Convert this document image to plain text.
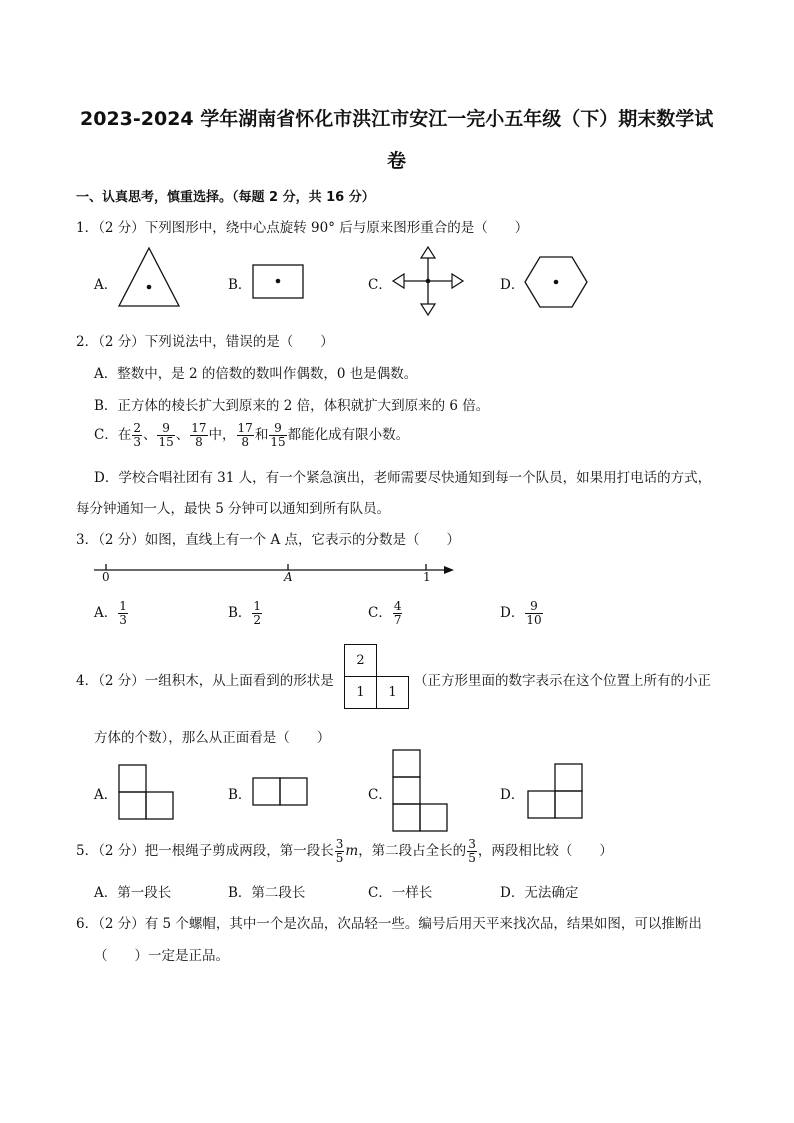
2023-2024 学年湖南省怀化市洪江市安江一完小五年级（下）期末数学试
卷
一、认真思考，慎重选择。（每题 2 分，共 16 分）
1．（2 分）下列图形中，绕中心点旋转 90° 后与原来图形重合的是（　　）
A．	B．	C．	D．
2．（2 分）下列说法中，错误的是（　　）
A．整数中，是 2 的倍数的数叫作偶数，0 也是偶数。
B．正方体的棱长扩大到原来的 2 倍，体积就扩大到原来的 6 倍。
C．在 $\frac{2}{3}$ 、 $\frac{9}{15}$ 、 $\frac{17}{8}$ 中， $\frac{17}{8}$ 和 $\frac{9}{15}$ 都能化成有限小数。
D．学校合唱社团有 31 人，有一个紧急演出，老师需要尽快通知到每一个队员，如果用打电话的方式，
每分钟通知一人，最快 5 分钟可以通知到所有队员。
3．（2 分）如图，直线上有一个 A 点，它表示的分数是（　　）
0	A	1
A． $\frac{1}{3}$	B． $\frac{1}{2}$	C． $\frac{4}{7}$	D． $\frac{9}{10}$
4．（2 分）一组积木，从上面看到的形状是
2
1	1
（正方形里面的数字表示在这个位置上所有的小正
方体的个数），那么从正面看是（　　）
A．	B．	C．	D．
5．（2 分）把一根绳子剪成两段，第一段长 $\frac{3}{5}$ m，第二段占全长的 $\frac{3}{5}$ ，两段相比较（　　）
A．第一段长	B．第二段长	C．一样长	D．无法确定
6．（2 分）有 5 个螺帽，其中一个是次品，次品轻一些。编号后用天平来找次品，结果如图，可以推断出
（　　）一定是正品。
